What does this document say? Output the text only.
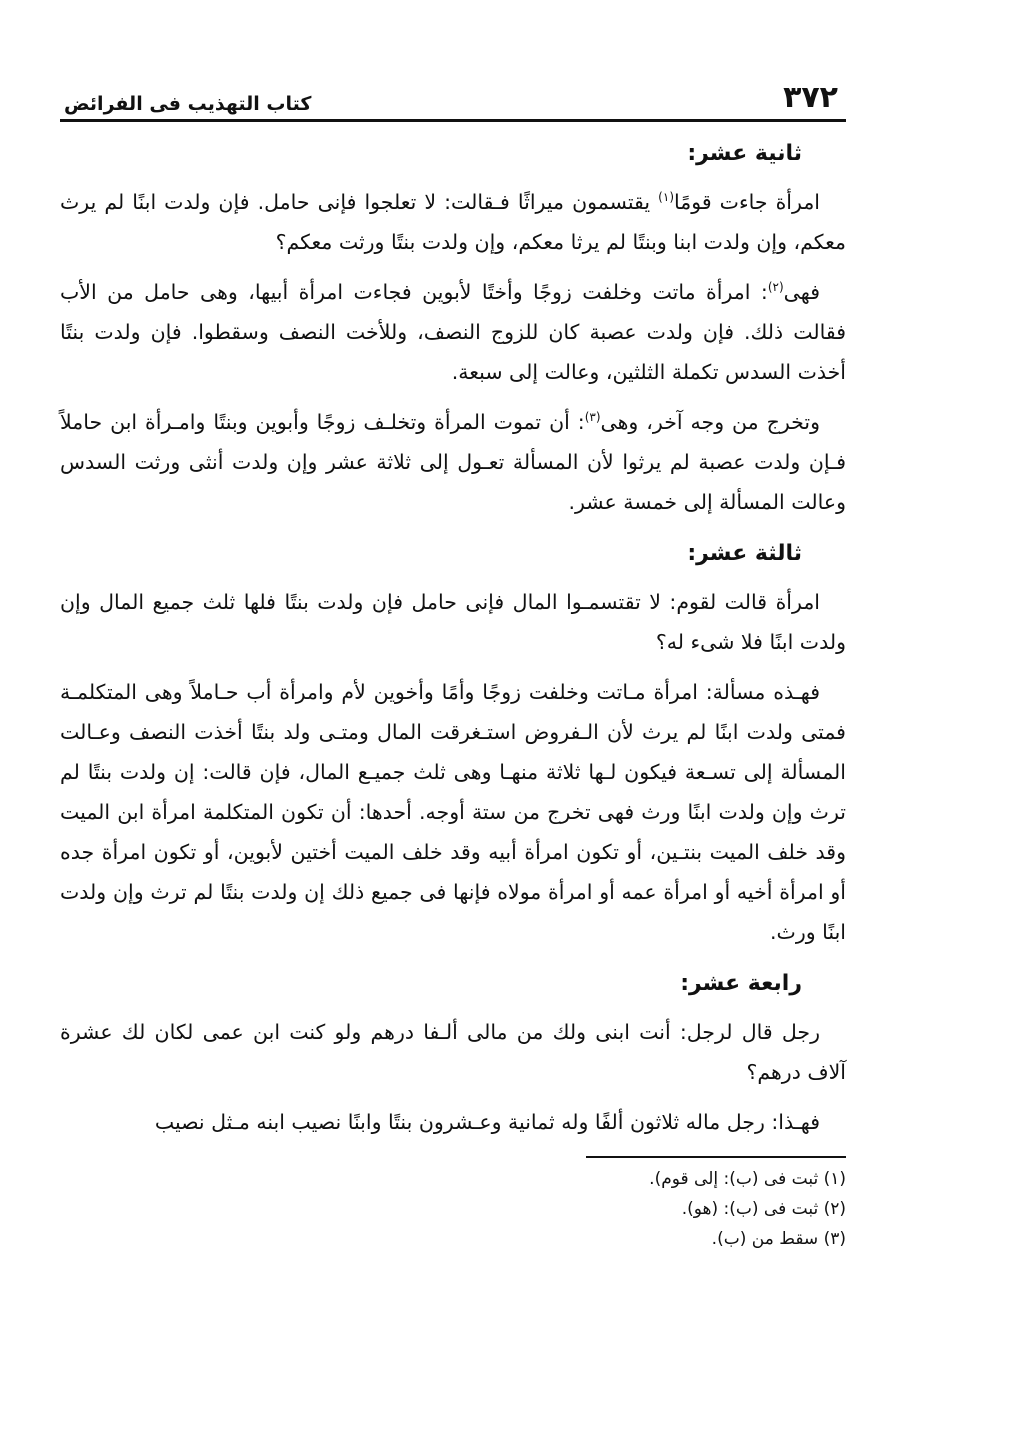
٣٧٢
كتاب التهذيب فى الفرائض
ثانية عشر:

امرأة جاءت قومًا$^{(١)}$ يقتسمون ميراثًا فـقالت: لا تعلجوا فإنى حامل. فإن ولدت ابنًا لم يرث معكم، وإن ولدت ابنا وبنتًا لم يرثا معكم، وإن ولدت بنتًا ورثت معكم؟

فهى$^{(٢)}$: امرأة ماتت وخلفت زوجًا وأختًا لأبوين فجاءت امرأة أبيها، وهى حامل من الأب فقالت ذلك. فإن ولدت عصبة كان للزوج النصف، وللأخت النصف وسقطوا. فإن ولدت بنتًا أخذت السدس تكملة الثلثين، وعالت إلى سبعة.

وتخرج من وجه آخر، وهى$^{(٣)}$: أن تموت المرأة وتخلـف زوجًا وأبوين وبنتًا وامـرأة ابن حاملاً فـإن ولدت عصبة لم يرثوا لأن المسألة تعـول إلى ثلاثة عشر وإن ولدت أنثى ورثت السدس وعالت المسألة إلى خمسة عشر.

ثالثة عشر:

امرأة قالت لقوم: لا تقتسمـوا المال فإنى حامل فإن ولدت بنتًا فلها ثلث جميع المال وإن ولدت ابنًا فلا شىء له؟

فهـذه مسألة: امرأة مـاتت وخلفت زوجًا وأمًا وأخوين لأم وامرأة أب حـاملاً وهى المتكلمـة فمتى ولدت ابنًا لم يرث لأن الـفروض استـغرقت المال ومتـى ولد بنتًا أخذت النصف وعـالت المسألة إلى تسـعة فيكون لـها ثلاثة منهـا وهى ثلث جميـع المال، فإن قالت: إن ولدت بنتًا لم ترث وإن ولدت ابنًا ورث فهى تخرج من ستة أوجه. أحدها: أن تكون المتكلمة امرأة ابن الميت وقد خلف الميت بنتـين، أو تكون امرأة أبيه وقد خلف الميت أختين لأبوين، أو تكون امرأة جده أو امرأة أخيه أو امرأة عمه أو امرأة مولاه فإنها فى جميع ذلك إن ولدت بنتًا لم ترث وإن ولدت ابنًا ورث.

رابعة عشر:

رجل قال لرجل: أنت ابنى ولك من مالى ألـفا درهم ولو كنت ابن عمى لكان لك عشرة آلاف درهم؟

فهـذا: رجل ماله ثلاثون ألفًا وله ثمانية وعـشرون بنتًا وابنًا نصيب ابنه مـثل نصيب

(١) ثبت فى (ب): إلى قوم).

(٢) ثبت فى (ب): (هو).

(٣) سقط من (ب).
